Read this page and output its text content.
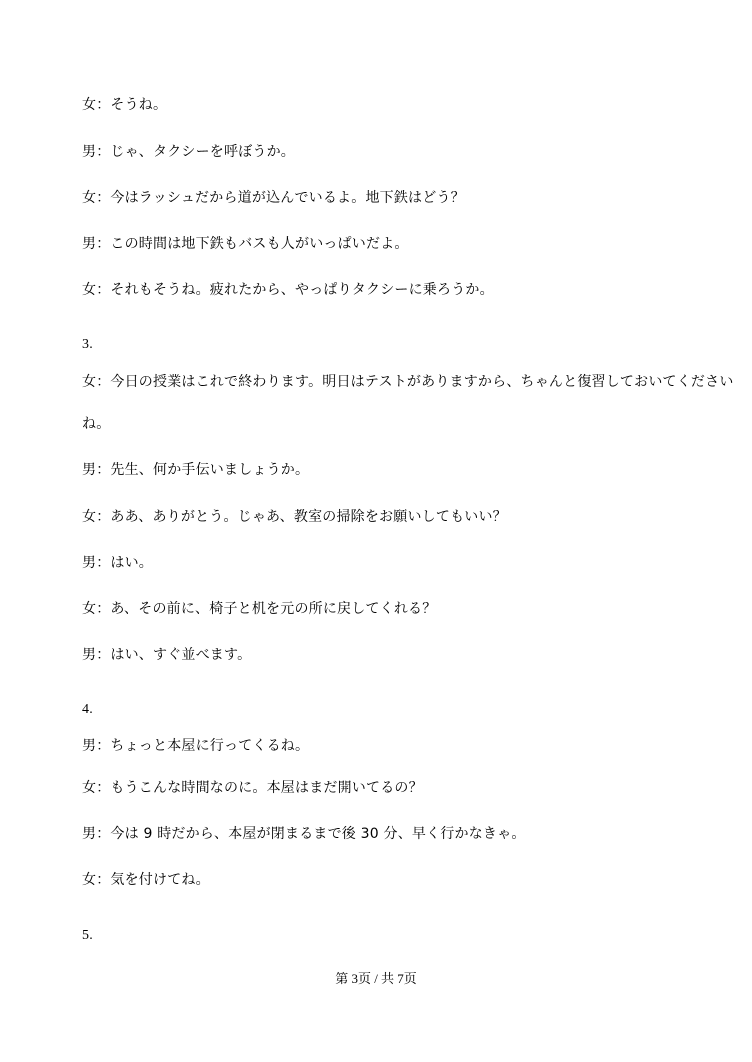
女：そうね。

男：じゃ、タクシーを呼ぼうか。

女：今はラッシュだから道が込んでいるよ。地下鉄はどう？

男：この時間は地下鉄もバスも人がいっぱいだよ。

女：それもそうね。疲れたから、やっぱりタクシーに乗ろうか。

3.

女：今日の授業はこれで終わります。明日はテストがありますから、ちゃんと復習しておいてください

ね。

男：先生、何か手伝いましょうか。

女：ああ、ありがとう。じゃあ、教室の掃除をお願いしてもいい？

男：はい。

女：あ、その前に、椅子と机を元の所に戻してくれる？

男：はい、すぐ並べます。

4.

男：ちょっと本屋に行ってくるね。

女：もうこんな時間なのに。本屋はまだ開いてるの？

男：今は 9 時だから、本屋が閉まるまで後 30 分、早く行かなきゃ。

女：気を付けてね。

5.

第 3页 / 共 7页
